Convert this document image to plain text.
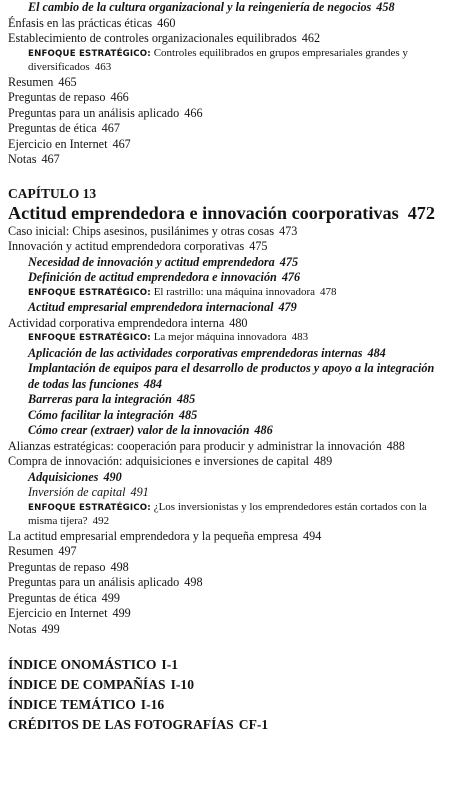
El cambio de la cultura organizacional y la reingeniería de negocios 458
Énfasis en las prácticas éticas 460
Establecimiento de controles organizacionales equilibrados 462
ENFOQUE ESTRATÉGICO: Controles equilibrados en grupos empresariales grandes y diversificados 463
Resumen 465
Preguntas de repaso 466
Preguntas para un análisis aplicado 466
Preguntas de ética 467
Ejercicio en Internet 467
Notas 467
CAPÍTULO 13
Actitud emprendedora e innovación coorporativas 472
Caso inicial: Chips asesinos, pusilánimes y otras cosas 473
Innovación y actitud emprendedora corporativas 475
Necesidad de innovación y actitud emprendedora 475
Definición de actitud emprendedora e innovación 476
ENFOQUE ESTRATÉGICO: El rastrillo: una máquina innovadora 478
Actitud empresarial emprendedora internacional 479
Actividad corporativa emprendedora interna 480
ENFOQUE ESTRATÉGICO: La mejor máquina innovadora 483
Aplicación de las actividades corporativas emprendedoras internas 484
Implantación de equipos para el desarrollo de productos y apoyo a la integración de todas las funciones 484
Barreras para la integración 485
Cómo facilitar la integración 485
Cómo crear (extraer) valor de la innovación 486
Alianzas estratégicas: cooperación para producir y administrar la innovación 488
Compra de innovación: adquisiciones e inversiones de capital 489
Adquisiciones 490
Inversión de capital 491
ENFOQUE ESTRATÉGICO: ¿Los inversionistas y los emprendedores están cortados con la misma tijera? 492
La actitud empresarial emprendedora y la pequeña empresa 494
Resumen 497
Preguntas de repaso 498
Preguntas para un análisis aplicado 498
Preguntas de ética 499
Ejercicio en Internet 499
Notas 499
ÍNDICE ONOMÁSTICO I-1
ÍNDICE DE COMPAÑÍAS I-10
ÍNDICE TEMÁTICO I-16
CRÉDITOS DE LAS FOTOGRAFÍAS CF-1
